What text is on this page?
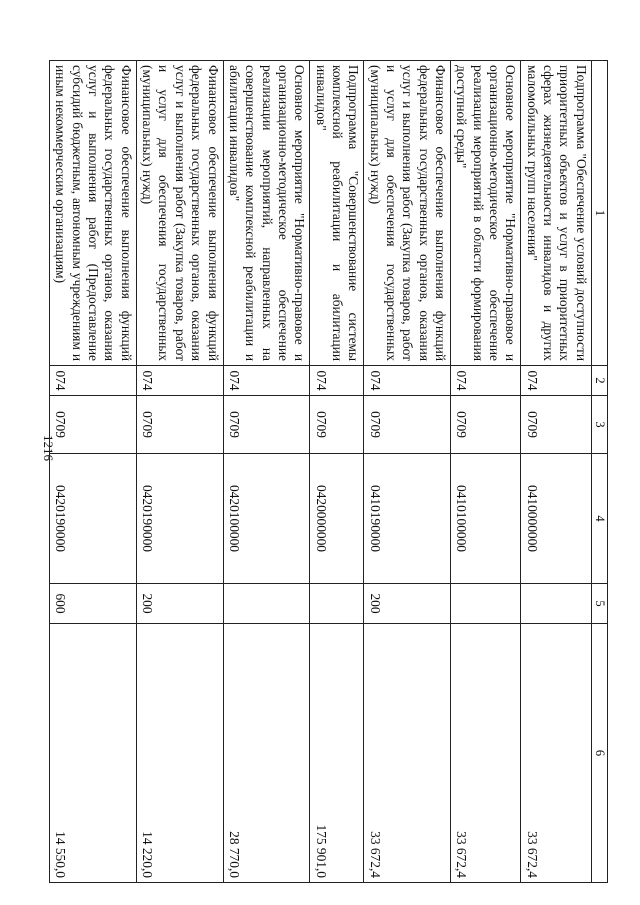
1216
1	2	3	4	5	6
Подпрограмма "Обеспечение условий доступности приоритетных объектов и услуг в приоритетных сферах жизнедеятельности инвалидов и других маломобильных групп населения"	074	0709	0410000000		33 672,4
Основное мероприятие "Нормативно-правовое и организационно-методическое обеспечение реализации мероприятий в области формирования доступной среды"	074	0709	0410100000		33 672,4
Финансовое обеспечение выполнения функций федеральных государственных органов, оказания услуг и выполнения работ (Закупка товаров, работ и услуг для обеспечения государственных (муниципальных) нужд)	074	0709	0410190000	200	33 672,4
Подпрограмма "Совершенствование системы комплексной реабилитации и абилитации инвалидов"	074	0709	0420000000		175 901,0
Основное мероприятие "Нормативно-правовое и организационно-методическое обеспечение реализации мероприятий, направленных на совершенствование комплексной реабилитации и абилитации инвалидов"	074	0709	0420100000		28 770,0
Финансовое обеспечение выполнения функций федеральных государственных органов, оказания услуг и выполнения работ (Закупка товаров, работ и услуг для обеспечения государственных (муниципальных) нужд)	074	0709	0420190000	200	14 220,0
Финансовое обеспечение выполнения функций федеральных государственных органов, оказания услуг и выполнения работ (Предоставление субсидий бюджетным, автономным учреждениям и иным некоммерческим организациям)	074	0709	0420190000	600	14 550,0
